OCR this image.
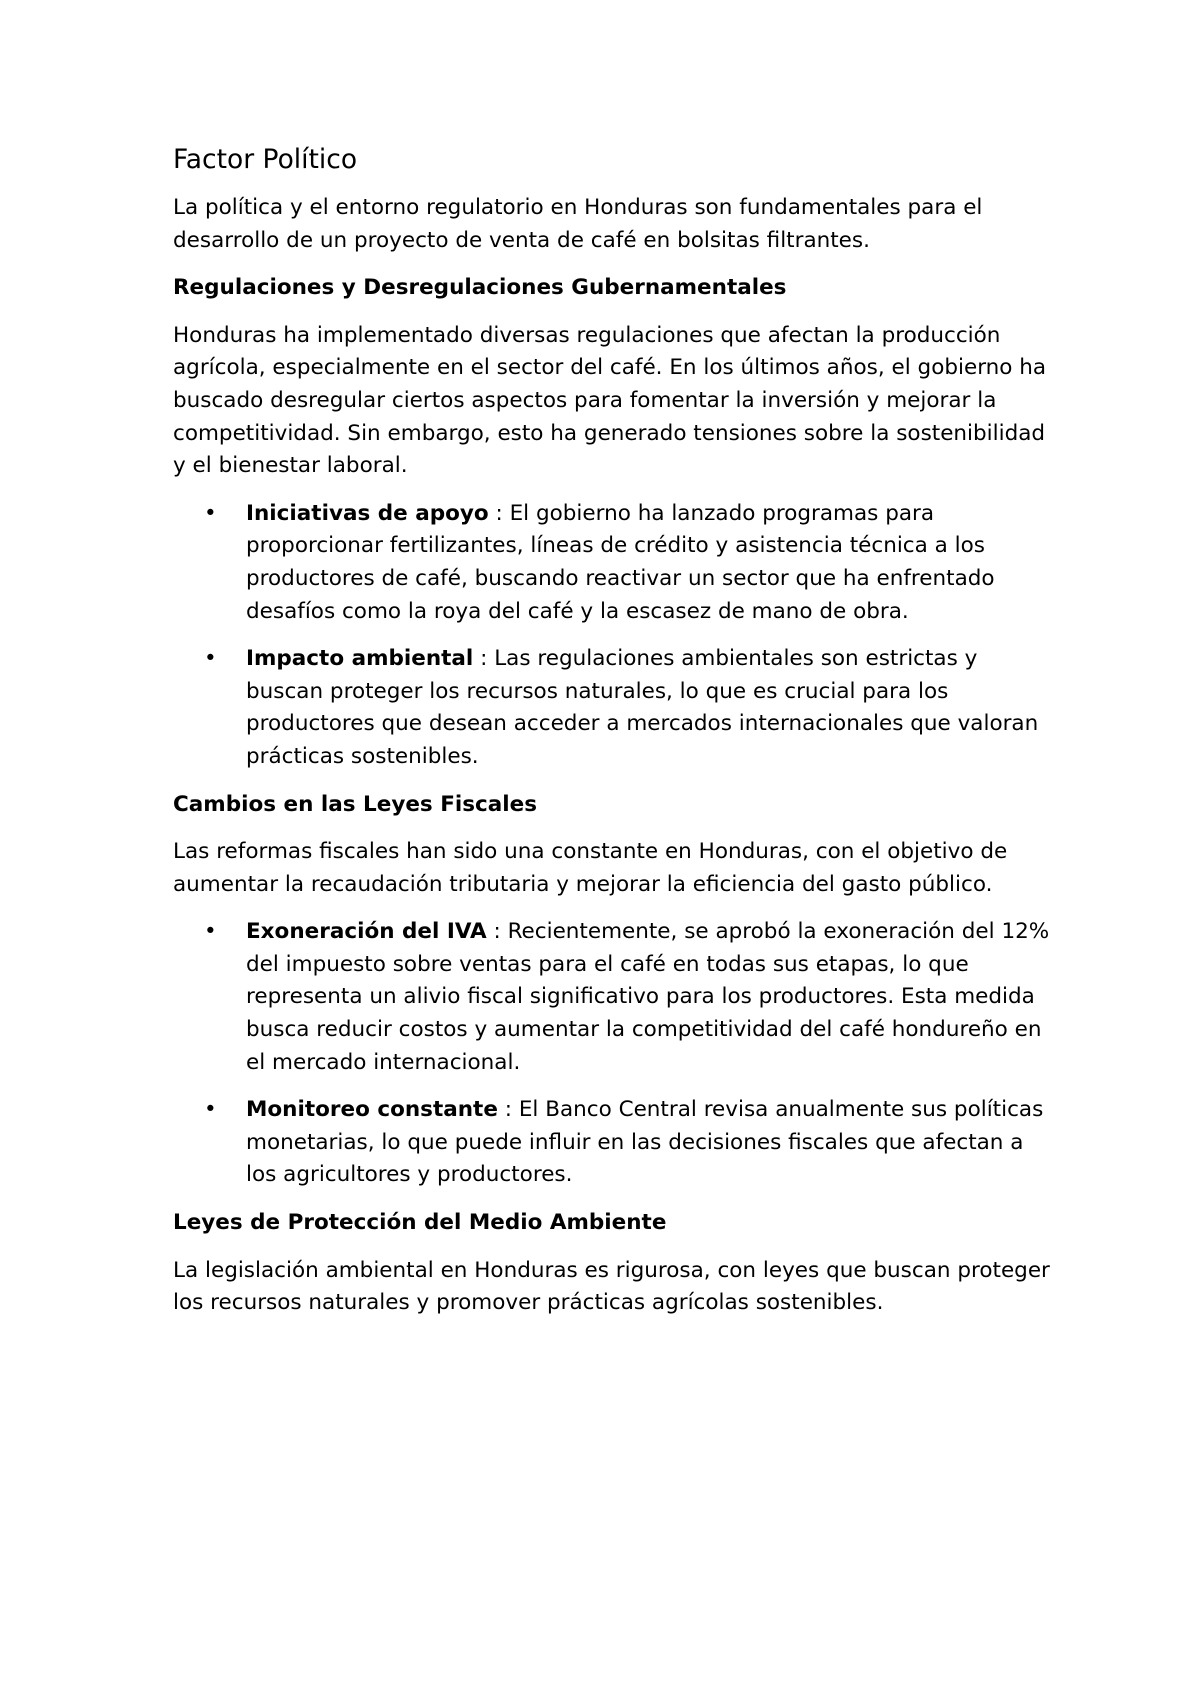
Factor Político

La política y el entorno regulatorio en Honduras son fundamentales para el desarrollo de un proyecto de venta de café en bolsitas filtrantes.

Regulaciones y Desregulaciones Gubernamentales

Honduras ha implementado diversas regulaciones que afectan la producción agrícola, especialmente en el sector del café. En los últimos años, el gobierno ha buscado desregular ciertos aspectos para fomentar la inversión y mejorar la competitividad. Sin embargo, esto ha generado tensiones sobre la sostenibilidad y el bienestar laboral.

• Iniciativas de apoyo : El gobierno ha lanzado programas para proporcionar fertilizantes, líneas de crédito y asistencia técnica a los productores de café, buscando reactivar un sector que ha enfrentado desafíos como la roya del café y la escasez de mano de obra.
• Impacto ambiental : Las regulaciones ambientales son estrictas y buscan proteger los recursos naturales, lo que es crucial para los productores que desean acceder a mercados internacionales que valoran prácticas sostenibles.
Cambios en las Leyes Fiscales

Las reformas fiscales han sido una constante en Honduras, con el objetivo de aumentar la recaudación tributaria y mejorar la eficiencia del gasto público.

• Exoneración del IVA : Recientemente, se aprobó la exoneración del 12% del impuesto sobre ventas para el café en todas sus etapas, lo que representa un alivio fiscal significativo para los productores. Esta medida busca reducir costos y aumentar la competitividad del café hondureño en el mercado internacional.
• Monitoreo constante : El Banco Central revisa anualmente sus políticas monetarias, lo que puede influir en las decisiones fiscales que afectan a los agricultores y productores.
Leyes de Protección del Medio Ambiente

La legislación ambiental en Honduras es rigurosa, con leyes que buscan proteger los recursos naturales y promover prácticas agrícolas sostenibles.
